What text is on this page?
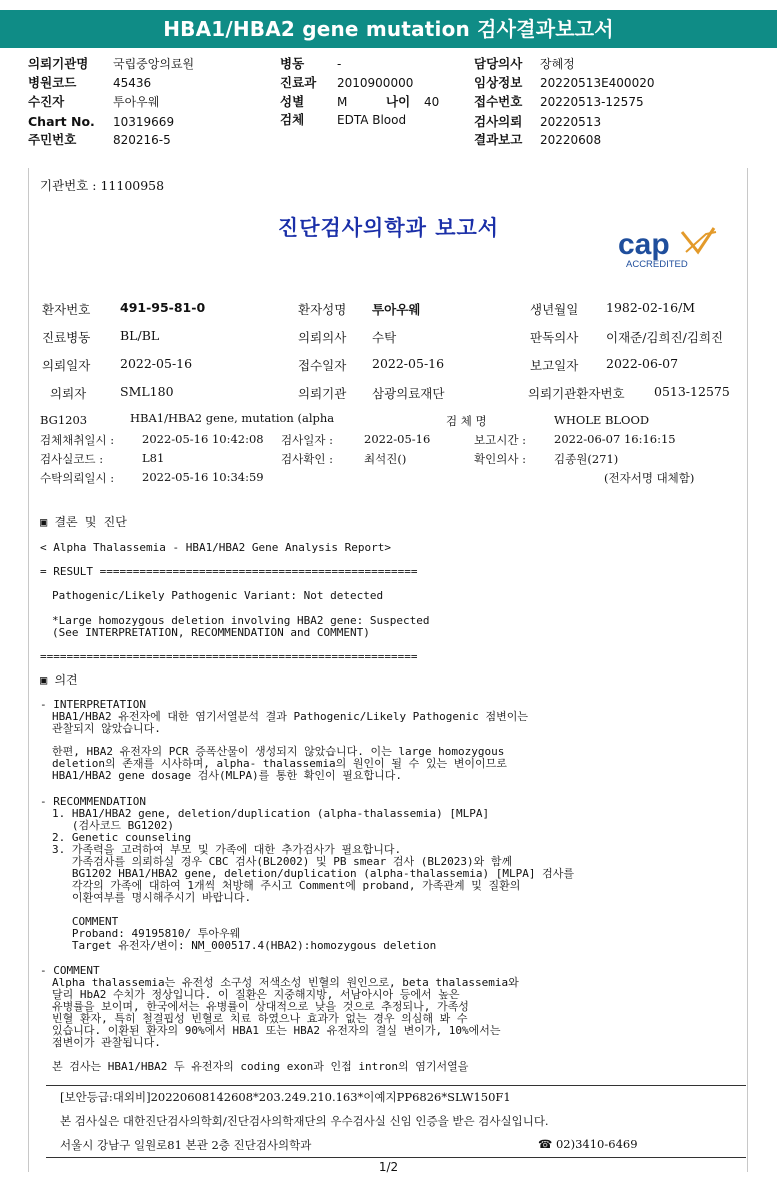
HBA1/HBA2 gene mutation 검사결과보고서
의뢰기관명 국립중앙의료원	병동	-	담당의사 장혜정
병원코드	45436	진료과 2010900000	임상정보 20220513E400020
수진자	투아우웨	성별	M	나이 40	접수번호 20220513-12575
Chart No. 10319669	검체	EDTA Blood	검사의뢰 20220513
주민번호	820216-5	결과보고 20220608
기관번호 : 11100958
진단검사의학과 보고서	cap
ACCREDITED
환자번호 491-95-81-0	환자성명 투아우웨	생년월일 1982-02-16/M
진료병동 BL/BL	의뢰의사 수탁	판독의사 이재준/김희진/김희진
의뢰일자 2022-05-16	접수일자 2022-05-16	보고일자 2022-06-07
의뢰자	SML180	의뢰기관 삼광의료재단	의뢰기관환자번호 0513-12575
BG1203	HBA1/HBA2 gene, mutation (alpha	검 체 명	WHOLE BLOOD
검체채취일시 : 2022-05-16 10:42:08 검사일자 :	2022-05-16	보고시간 : 2022-06-07 16:16:15
검사실코드 :	L81	검사확인 :	최석진()	확인의사 : 김종원(271)
수탁의뢰일시 : 2022-05-16 10:34:59	(전자서명 대체함)
▣ 결론 및 진단
< Alpha Thalassemia - HBA1/HBA2 Gene Analysis Report>
= RESULT ================================================
Pathogenic/Likely Pathogenic Variant: Not detected
*Large homozygous deletion involving HBA2 gene: Suspected
(See INTERPRETATION, RECOMMENDATION and COMMENT)
=========================================================
▣ 의견
- INTERPRETATION
HBA1/HBA2 유전자에 대한 염기서열분석 결과 Pathogenic/Likely Pathogenic 점변이는
관찰되지 않았습니다.
한편, HBA2 유전자의 PCR 증폭산물이 생성되지 않았습니다. 이는 large homozygous
deletion의 존재를 시사하며, alpha- thalassemia의 원인이 될 수 있는 변이이므로
HBA1/HBA2 gene dosage 검사(MLPA)를 통한 확인이 필요합니다.
- RECOMMENDATION
1. HBA1/HBA2 gene, deletion/duplication (alpha-thalassemia) [MLPA]
(검사코드 BG1202)
2. Genetic counseling
3. 가족력을 고려하여 부모 및 가족에 대한 추가검사가 필요합니다.
가족검사를 의뢰하실 경우 CBC 검사(BL2002) 및 PB smear 검사 (BL2023)와 함께
BG1202 HBA1/HBA2 gene, deletion/duplication (alpha-thalassemia) [MLPA] 검사를
각각의 가족에 대하여 1개씩 처방해 주시고 Comment에 proband, 가족관계 및 질환의
이환여부를 명시해주시기 바랍니다.
COMMENT
Proband: 49195810/ 투아우웨
Target 유전자/변이: NM_000517.4(HBA2):homozygous deletion
- COMMENT
Alpha thalassemia는 유전성 소구성 저색소성 빈혈의 원인으로, beta thalassemia와
달리 HbA2 수치가 정상입니다. 이 질환은 지중해지방, 서남아시아 등에서 높은
유병률을 보이며, 한국에서는 유병률이 상대적으로 낮을 것으로 추정되나, 가족성
빈혈 환자, 특히 철결핍성 빈혈로 치료 하였으나 효과가 없는 경우 의심해 봐 수
있습니다. 이환된 환자의 90%에서 HBA1 또는 HBA2 유전자의 결실 변이가, 10%에서는
점변이가 관찰됩니다.
본 검사는 HBA1/HBA2 두 유전자의 coding exon과 인접 intron의 염기서열을
[보안등급:대외비]20220608142608*203.249.210.163*이예지PP6826*SLW150F1
본 검사실은 대한진단검사의학회/진단검사의학재단의 우수검사실 신임 인증을 받은 검사실입니다.
서울시 강남구 일원로81 본관 2층 진단검사의학과	☎ 02)3410-6469
1/2
